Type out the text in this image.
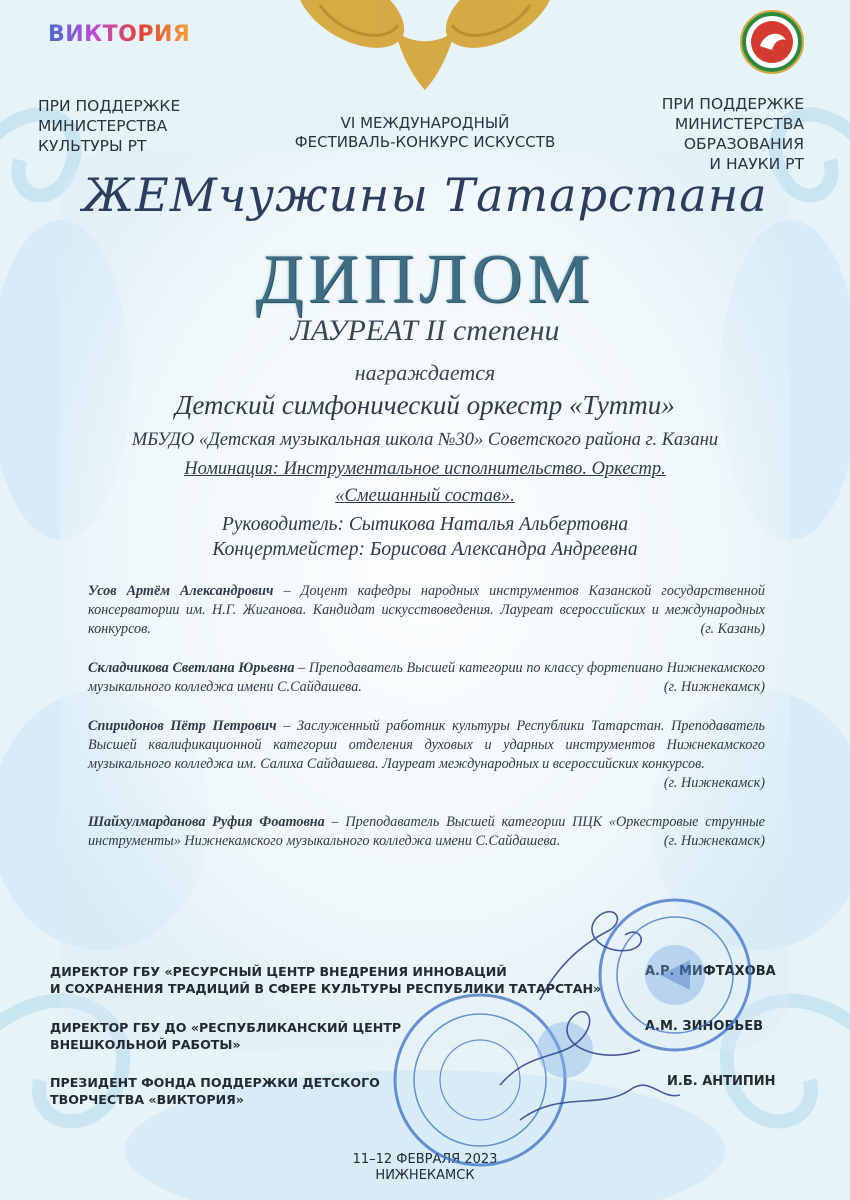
ВИКТОРИЯ
ПРИ ПОДДЕРЖКЕ
МИНИСТЕРСТВА
КУЛЬТУРЫ РТ
VI МЕЖДУНАРОДНЫЙ
ФЕСТИВАЛЬ-КОНКУРС ИСКУССТВ
ПРИ ПОДДЕРЖКЕ
МИНИСТЕРСТВА
ОБРАЗОВАНИЯ
И НАУКИ РТ
ЖЕМчужины Татарстана
ДИПЛОМ
ЛАУРЕАТ II степени
награждается
Детский симфонический оркестр «Тутти»
МБУДО «Детская музыкальная школа №30» Советского района г. Казани
Номинация: Инструментальное исполнительство. Оркестр.
«Смешанный состав».
Руководитель: Сытикова Наталья Альбертовна
Концертмейстер: Борисова Александра Андреевна
Усов Артём Александрович – Доцент кафедры народных инструментов Казанской государственной консерватории им. Н.Г. Жиганова. Кандидат искусствоведения. Лауреат всероссийских и международных конкурсов.	(г. Казань)
Складчикова Светлана Юрьевна – Преподаватель Высшей категории по классу фортепиано Нижнекамского музыкального колледжа имени С.Сайдашева.	(г. Нижнекамск)
Спиридонов Пётр Петрович – Заслуженный работник культуры Республики Татарстан. Преподаватель Высшей квалификационной категории отделения духовых и ударных инструментов Нижнекамского музыкального колледжа им. Салиха Сайдашева. Лауреат международных и всероссийских конкурсов.
(г. Нижнекамск)
Шайхулмарданова Руфия Фоатовна – Преподаватель Высшей категории ПЦК «Оркестровые струнные инструменты» Нижнекамского музыкального колледжа имени С.Сайдашева.	(г. Нижнекамск)
ДИРЕКТОР ГБУ «РЕСУРСНЫЙ ЦЕНТР ВНЕДРЕНИЯ ИННОВАЦИЙ
И СОХРАНЕНИЯ ТРАДИЦИЙ В СФЕРЕ КУЛЬТУРЫ РЕСПУБЛИКИ ТАТАРСТАН»
А.Р. МИФТАХОВА
ДИРЕКТОР ГБУ ДО «РЕСПУБЛИКАНСКИЙ ЦЕНТР
ВНЕШКОЛЬНОЙ РАБОТЫ»
А.М. ЗИНОВЬЕВ
ПРЕЗИДЕНТ ФОНДА ПОДДЕРЖКИ ДЕТСКОГО
ТВОРЧЕСТВА «ВИКТОРИЯ»
И.Б. АНТИПИН
11–12 ФЕВРАЛЯ 2023
НИЖНЕКАМСК
